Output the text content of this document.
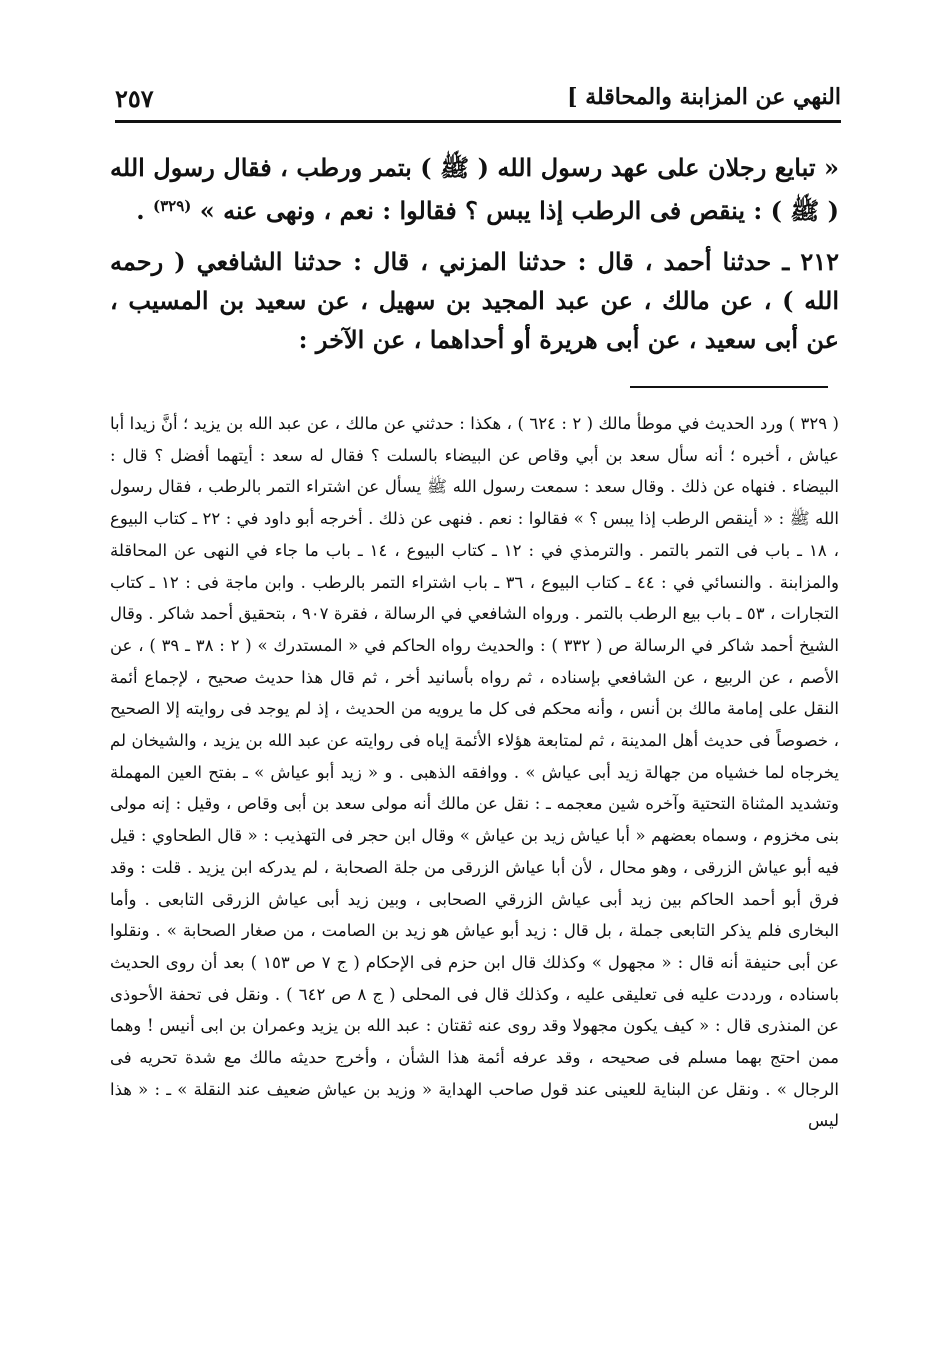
٢٥٧	النهي عن المزابنة والمحاقلة ]

« تبايع رجلان على عهد رسول الله ( ﷺ ) بتمر ورطب ، فقال رسول الله ( ﷺ ) : ينقص فى الرطب إذا يبس ؟ فقالوا : نعم ، ونهى عنه » $^{(٣٢٩)}$ .

٢١٢ ـ حدثنا أحمد ، قال : حدثنا المزني ، قال : حدثنا الشافعي ( رحمه الله ) ، عن مالك ، عن عبد المجيد بن سهيل ، عن سعيد بن المسيب ، عن أبى سعيد ، عن أبى هريرة أو أحداهما ، عن الآخر :

( ٣٢٩ ) ورد الحديث في موطأ مالك ( ٢ : ٦٢٤ ) ، هكذا : حدثني عن مالك ، عن عبد الله بن يزيد ؛ أنَّ زيدا أبا عياش ، أخبره ؛ أنه سأل سعد بن أبي وقاص عن البيضاء بالسلت ؟ فقال له سعد : أيتهما أفضل ؟ قال : البيضاء . فنهاه عن ذلك . وقال سعد : سمعت رسول الله ﷺ يسأل عن اشتراء التمر بالرطب ، فقال رسول الله ﷺ : « أينقص الرطب إذا يبس ؟ » فقالوا : نعم . فنهى عن ذلك . أخرجه أبو داود في : ٢٢ ـ كتاب البيوع ، ١٨ ـ باب فى التمر بالتمر . والترمذي في : ١٢ ـ كتاب البيوع ، ١٤ ـ باب ما جاء في النهى عن المحاقلة والمزابنة . والنسائي في : ٤٤ ـ كتاب البيوع ، ٣٦ ـ باب اشتراء التمر بالرطب . وابن ماجة فى : ١٢ ـ كتاب التجارات ، ٥٣ ـ باب بيع الرطب بالتمر . ورواه الشافعي في الرسالة ، فقرة ٩٠٧ ، بتحقيق أحمد شاكر . وقال الشيخ أحمد شاكر في الرسالة ص ( ٣٣٢ ) : والحديث رواه الحاكم في « المستدرك » ( ٢ : ٣٨ ـ ٣٩ ) ، عن الأصم ، عن الربيع ، عن الشافعي بإسناده ، ثم رواه بأسانيد أخر ، ثم قال هذا حديث صحيح ، لإجماع أئمة النقل على إمامة مالك بن أنس ، وأنه محكم فى كل ما يرويه من الحديث ، إذ لم يوجد فى روايته إلا الصحيح ، خصوصاً فى حديث أهل المدينة ، ثم لمتابعة هؤلاء الأئمة إياه فى روايته عن عبد الله بن يزيد ، والشيخان لم يخرجاه لما خشياه من جهالة زيد أبى عياش » . ووافقه الذهبى . و « زيد أبو عياش » ـ بفتح العين المهملة وتشديد المثناة التحتية وآخره شين معجمه ـ : نقل عن مالك أنه مولى سعد بن أبى وقاص ، وقيل : إنه مولى بنى مخزوم ، وسماه بعضهم « أبا عياش زيد بن عياش » وقال ابن حجر فى التهذيب : « قال الطحاوي : قيل فيه أبو عياش الزرقى ، وهو محال ، لأن أبا عياش الزرقى من جلة الصحابة ، لم يدركه ابن يزيد . قلت : وقد فرق أبو أحمد الحاكم بين زيد أبى عياش الزرقي الصحابى ، وبين زيد أبى عياش الزرقى التابعى . وأما البخارى فلم يذكر التابعى جملة ، بل قال : زيد أبو عياش هو زيد بن الصامت ، من صغار الصحابة » . ونقلوا عن أبى حنيفة أنه قال : « مجهول » وكذلك قال ابن حزم فى الإحكام ( ج ٧ ص ١٥٣ ) بعد أن روى الحديث باسناده ، ورددت عليه فى تعليقى عليه ، وكذلك قال فى المحلى ( ج ٨ ص ٦٤٢ ) . ونقل فى تحفة الأحوذى عن المنذرى قال : « كيف يكون مجهولا وقد روى عنه ثقتان : عبد الله بن يزيد وعمران بن ابى أنيس ! وهما ممن احتج بهما مسلم فى صحيحه ، وقد عرفه أئمة هذا الشأن ، وأخرج حديثه مالك مع شدة تحريه فى الرجال » . ونقل عن البناية للعينى عند قول صاحب الهداية « وزيد بن عياش ضعيف عند النقلة » ـ : « هذا ليس
